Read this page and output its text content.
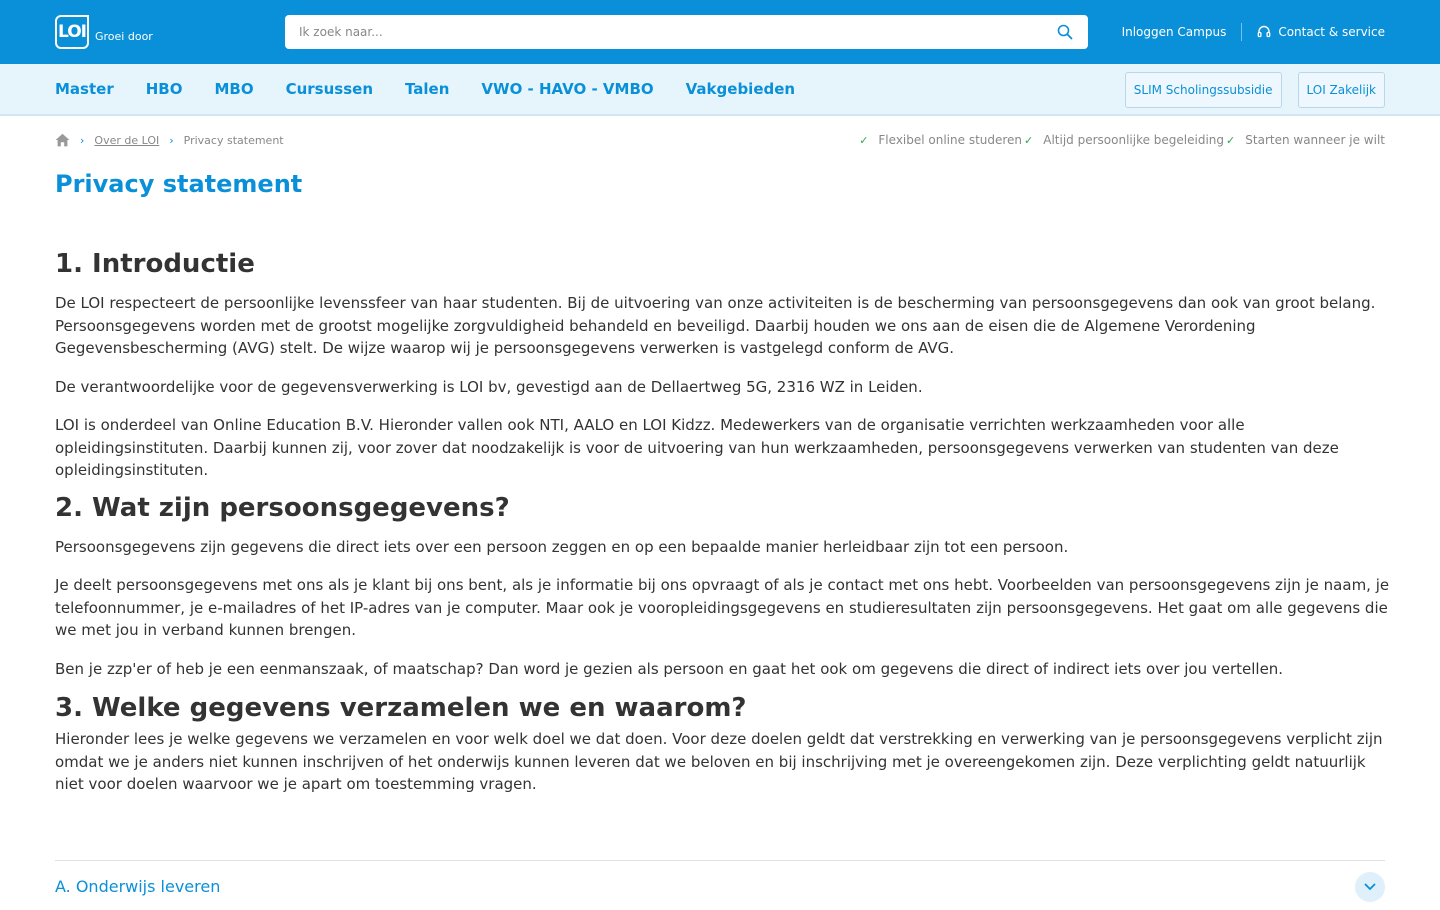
LOI Groei door
Ik zoek naar...	Inloggen Campus	Contact & service
Master HBO MBO Cursussen Talen VWO - HAVO - VMBO Vakgebieden	SLIM Scholingssubsidie	LOI Zakelijk
› Over de LOI › Privacy statement	✓ Flexibel online studeren ✓ Altijd persoonlijke begeleiding ✓ Starten wanneer je wilt
Privacy statement
1. Introductie

De LOI respecteert de persoonlijke levenssfeer van haar studenten. Bij de uitvoering van onze activiteiten is de bescherming van persoonsgegevens dan ook van groot belang. Persoonsgegevens worden met de grootst mogelijke zorgvuldigheid behandeld en beveiligd. Daarbij houden we ons aan de eisen die de Algemene Verordening Gegevensbescherming (AVG) stelt. De wijze waarop wij je persoonsgegevens verwerken is vastgelegd conform de AVG.

De verantwoordelijke voor de gegevensverwerking is LOI bv, gevestigd aan de Dellaertweg 5G, 2316 WZ in Leiden.

LOI is onderdeel van Online Education B.V. Hieronder vallen ook NTI, AALO en LOI Kidzz. Medewerkers van de organisatie verrichten werkzaamheden voor alle opleidingsinstituten. Daarbij kunnen zij, voor zover dat noodzakelijk is voor de uitvoering van hun werkzaamheden, persoonsgegevens verwerken van studenten van deze opleidingsinstituten.

2. Wat zijn persoonsgegevens?

Persoonsgegevens zijn gegevens die direct iets over een persoon zeggen en op een bepaalde manier herleidbaar zijn tot een persoon.

Je deelt persoonsgegevens met ons als je klant bij ons bent, als je informatie bij ons opvraagt of als je contact met ons hebt. Voorbeelden van persoonsgegevens zijn je naam, je telefoonnummer, je e-mailadres of het IP-adres van je computer. Maar ook je vooropleidingsgegevens en studieresultaten zijn persoonsgegevens. Het gaat om alle gegevens die we met jou in verband kunnen brengen.

Ben je zzp'er of heb je een eenmanszaak, of maatschap? Dan word je gezien als persoon en gaat het ook om gegevens die direct of indirect iets over jou vertellen.

3. Welke gegevens verzamelen we en waarom?

Hieronder lees je welke gegevens we verzamelen en voor welk doel we dat doen. Voor deze doelen geldt dat verstrekking en verwerking van je persoonsgegevens verplicht zijn omdat we je anders niet kunnen inschrijven of het onderwijs kunnen leveren dat we beloven en bij inschrijving met je overeengekomen zijn. Deze verplichting geldt natuurlijk niet voor doelen waarvoor we je apart om toestemming vragen.

A. Onderwijs leveren
